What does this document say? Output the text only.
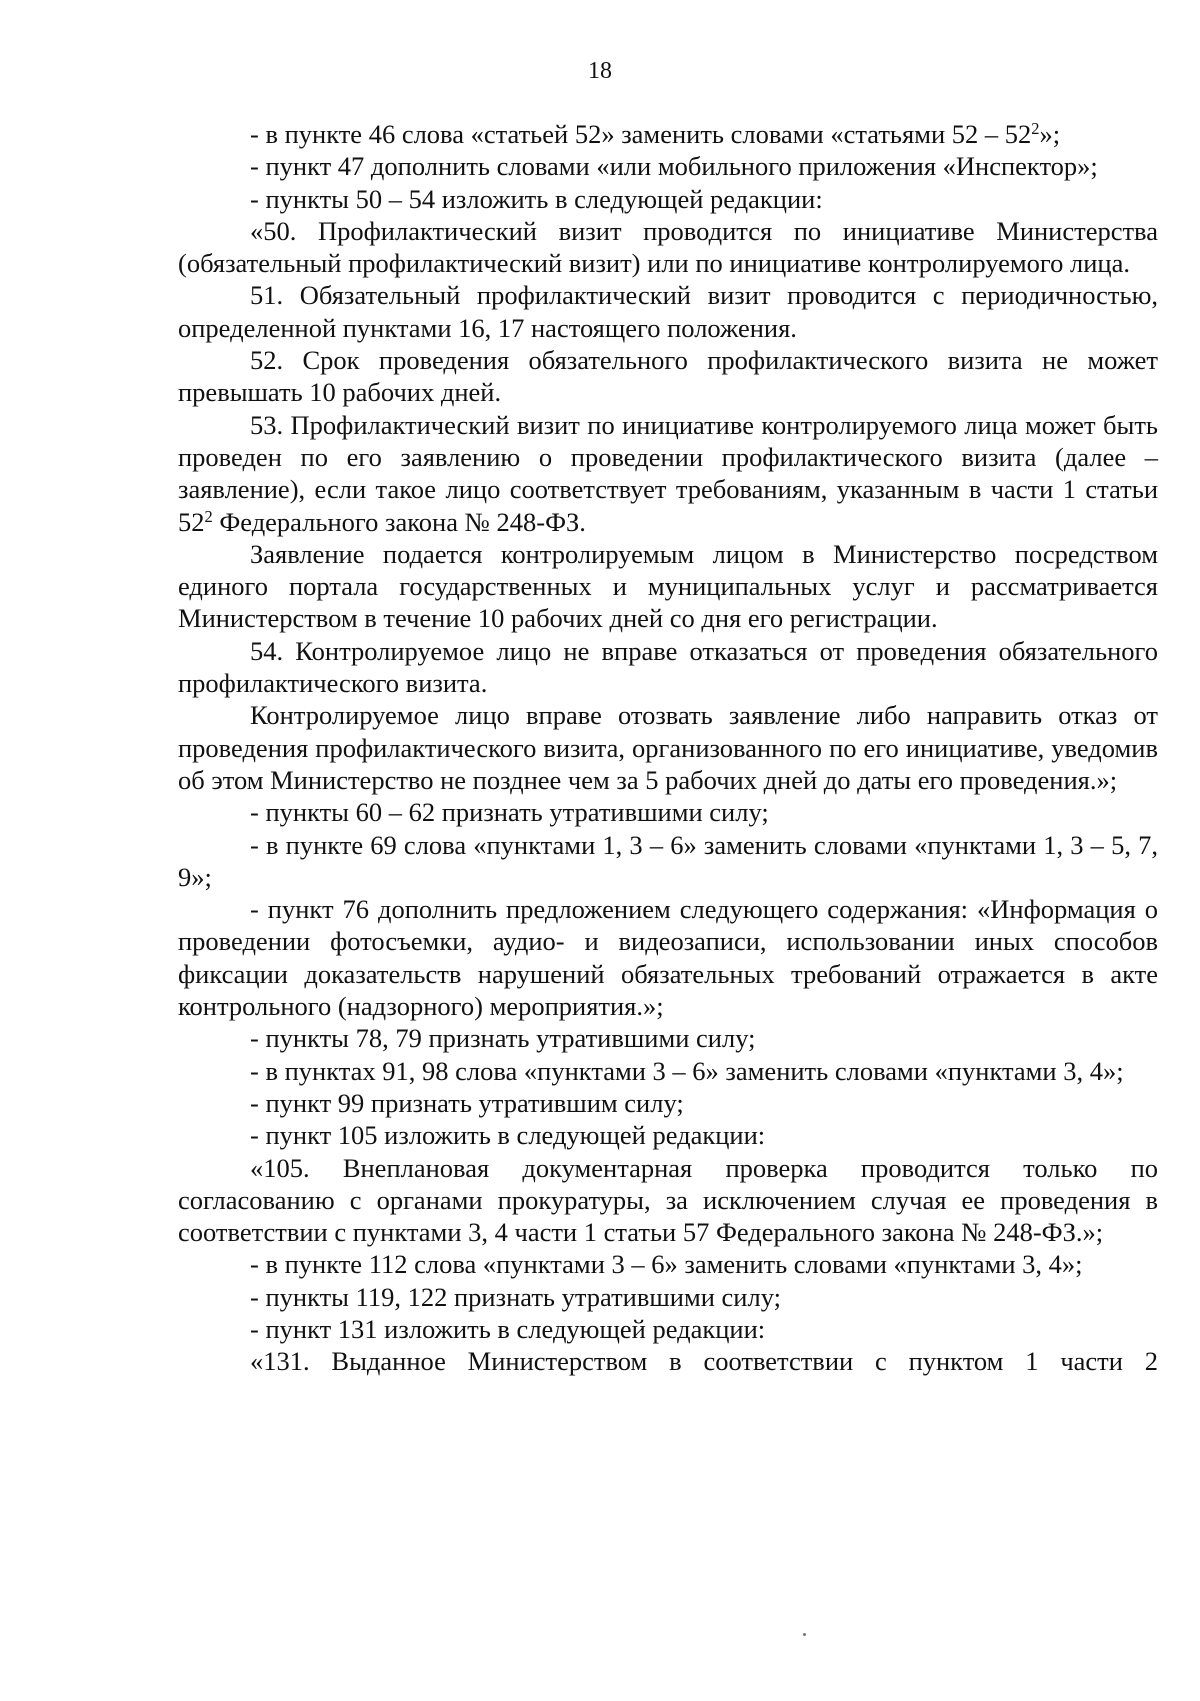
18

- в пункте 46 слова «статьей 52» заменить словами «статьями $52 - 52^2$»;

- пункт 47 дополнить словами «или мобильного приложения «Инспектор»;

- пункты 50 – 54 изложить в следующей редакции:

«50. Профилактический визит проводится по инициативе Министерства (обязательный профилактический визит) или по инициативе контролируемого лица.

51. Обязательный профилактический визит проводится с периодичностью, определенной пунктами 16, 17 настоящего положения.

52. Срок проведения обязательного профилактического визита не может превышать 10 рабочих дней.

53. Профилактический визит по инициативе контролируемого лица может быть проведен по его заявлению о проведении профилактического визита (далее – заявление), если такое лицо соответствует требованиям, указанным в части 1 статьи $52^2$ Федерального закона № 248-ФЗ.

Заявление подается контролируемым лицом в Министерство посредством единого портала государственных и муниципальных услуг и рассматривается Министерством в течение 10 рабочих дней со дня его регистрации.

54. Контролируемое лицо не вправе отказаться от проведения обязательного профилактического визита.

Контролируемое лицо вправе отозвать заявление либо направить отказ от проведения профилактического визита, организованного по его инициативе, уведомив об этом Министерство не позднее чем за 5 рабочих дней до даты его проведения.»;

- пункты 60 – 62 признать утратившими силу;

- в пункте 69 слова «пунктами 1, 3 – 6» заменить словами «пунктами 1, 3 – 5, 7, 9»;

- пункт 76 дополнить предложением следующего содержания: «Информация о проведении фотосъемки, аудио- и видеозаписи, использовании иных способов фиксации доказательств нарушений обязательных требований отражается в акте контрольного (надзорного) мероприятия.»;

- пункты 78, 79 признать утратившими силу;

- в пунктах 91, 98 слова «пунктами 3 – 6» заменить словами «пунктами 3, 4»;

- пункт 99 признать утратившим силу;

- пункт 105 изложить в следующей редакции:

«105. Внеплановая документарная проверка проводится только по согласованию с органами прокуратуры, за исключением случая ее проведения в соответствии с пунктами 3, 4 части 1 статьи 57 Федерального закона № 248-ФЗ.»;

- в пункте 112 слова «пунктами 3 – 6» заменить словами «пунктами 3, 4»;

- пункты 119, 122 признать утратившими силу;

- пункт 131 изложить в следующей редакции:

«131. Выданное Министерством в соответствии с пунктом 1 части 2
